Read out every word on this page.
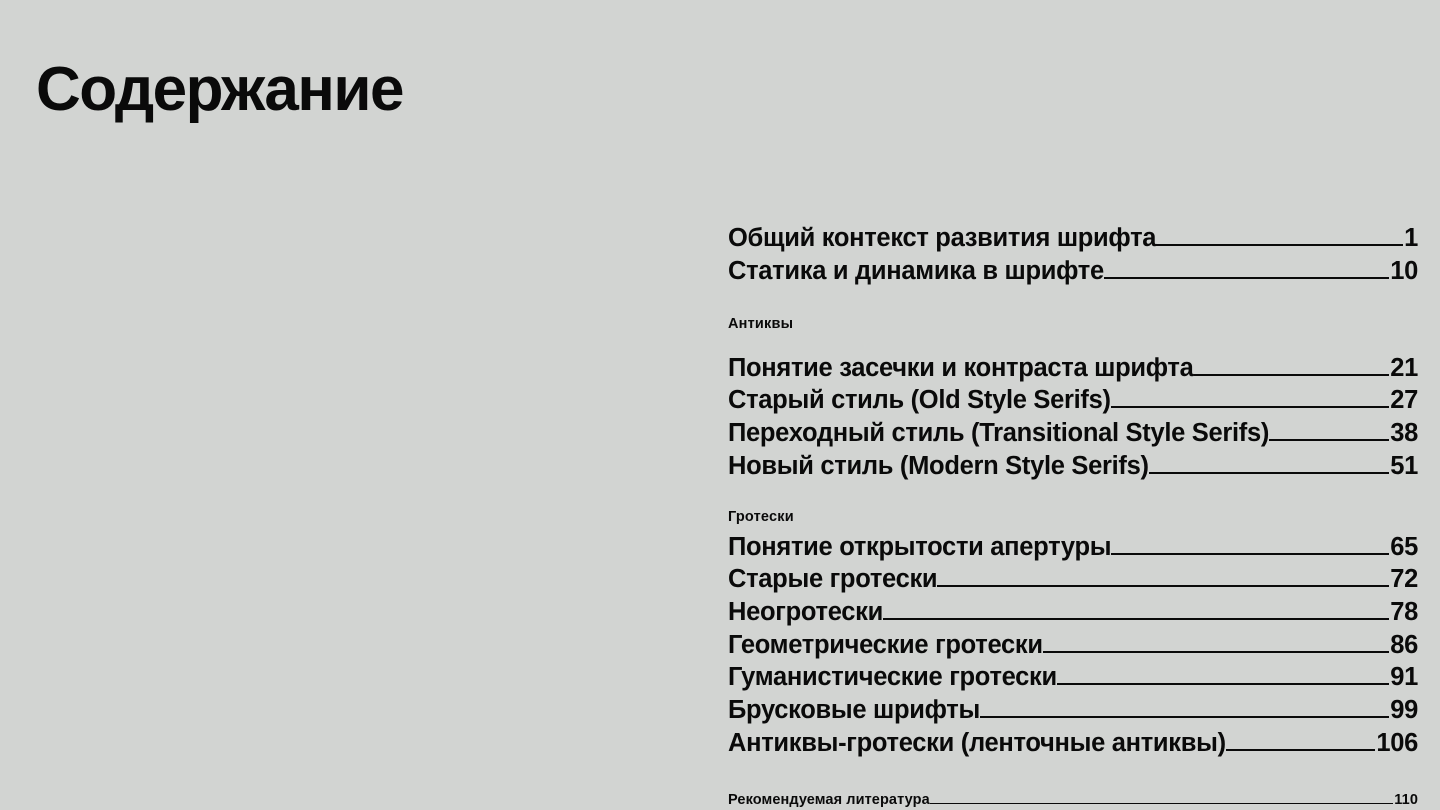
Содержание
Общий контекст развития шрифта	1
Статика и динамика в шрифте	10
Антиквы
Понятие засечки и контраста шрифта	21
Старый стиль (Old Style Serifs)	27
Переходный стиль (Transitional Style Serifs)	38
Новый стиль (Modern Style Serifs)	51
Гротески
Понятие открытости апертуры	65
Старые гротески	72
Неогротески	78
Геометрические гротески	86
Гуманистические гротески	91
Брусковые шрифты	99
Антиквы-гротески (ленточные антиквы)	106
Рекомендуемая литература	110
